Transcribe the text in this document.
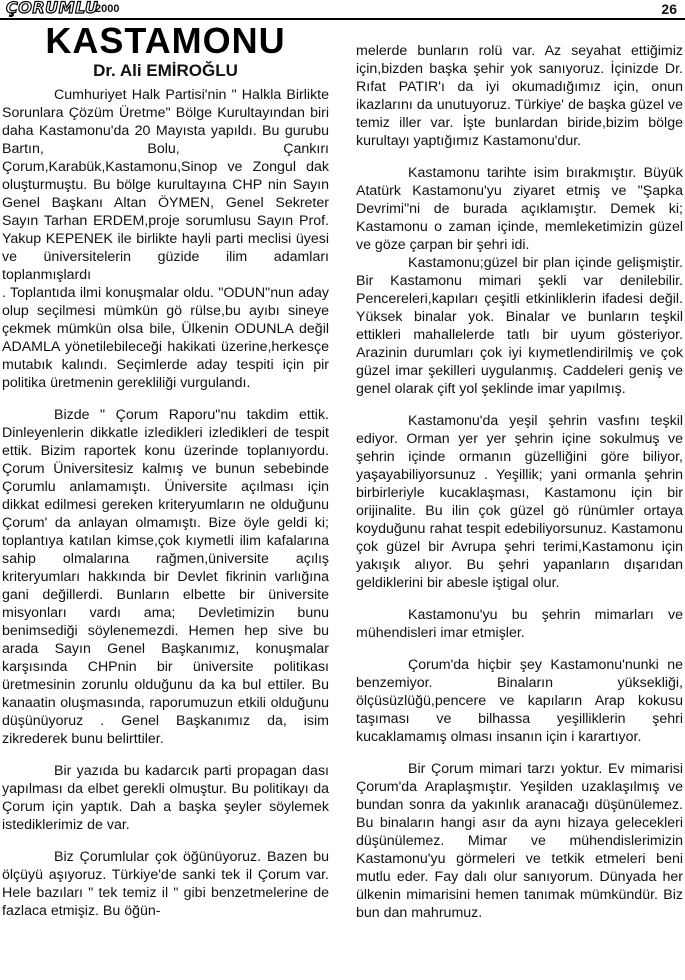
ÇORUMLU
2000	26
KASTAMONU
Dr. Ali EMİROĞLU

Cumhuriyet Halk Partisi'nin " Halkla Birlikte Sorunlara Çözüm Üretme" Bölge Kurultayından biri daha Kastamonu'da 20 Mayısta yapıldı. Bu gurubu Bartın, Bolu, Çankırı Çorum,Karabük,Kastamonu,Sinop ve Zongul dak oluşturmuştu. Bu bölge kurultayına CHP nin Sayın Genel Başkanı Altan ÖYMEN, Genel Sekreter Sayın Tarhan ERDEM,proje sorumlusu Sayın Prof. Yakup KEPENEK ile birlikte hayli parti meclisi üyesi ve üniversitelerin güzide ilim adamları toplanmışlardı

. Toplantıda ilmi konuşmalar oldu. "ODUN"nun aday olup seçilmesi mümkün gö rülse,bu ayıbı sineye çekmek mümkün olsa bile, Ülkenin ODUNLA değil ADAMLA yönetilebileceği hakikati üzerine,herkesçe mutabık kalındı. Seçimlerde aday tespiti için pir politika üretmenin gerekliliği vurgulandı.

Bizde " Çorum Raporu"nu takdim ettik. Dinleyenlerin dikkatle izledikleri izledikleri de tespit ettik. Bizim raportek konu üzerinde toplanıyordu. Çorum Üniversitesiz kalmış ve bunun sebebinde Çorumlu anlamamıştı. Üniversite açılması için dikkat edilmesi gereken kriteryumların ne olduğunu Çorum' da anlayan olmamıştı. Bize öyle geldi ki; toplantıya katılan kimse,çok kıymetli ilim kafalarına sahip olmalarına rağmen,üniversite açılış kriteryumları hakkında bir Devlet fikrinin varlığına gani değillerdi. Bunların elbette bir üniversite misyonları vardı ama; Devletimizin bunu benimsediği söylenemezdi. Hemen hep sive bu arada Sayın Genel Başkanımız, konuşmalar karşısında CHPnin bir üniversite politikası üretmesinin zorunlu olduğunu da ka bul ettiler. Bu kanaatin oluşmasında, raporumuzun etkili olduğunu düşünüyoruz . Genel Başkanımız da, isim zikrederek bunu belirttiler.

Bir yazıda bu kadarcık parti propagan dası yapılması da elbet gerekli olmuştur. Bu politikayı da Çorum için yaptık. Dah a başka şeyler söylemek istediklerimiz de var.

Biz Çorumlular çok öğünüyoruz. Bazen bu ölçüyü aşıyoruz. Türkiye'de sanki tek il Çorum var. Hele bazıları " tek temiz il " gibi benzetmelerine de fazlaca etmişiz. Bu öğün-

melerde bunların rolü var. Az seyahat ettiğimiz için,bizden başka şehir yok sanıyoruz. İçinizde Dr. Rıfat PATIR'ı da iyi okumadığımız için, onun ikazlarını da unutuyoruz. Türkiye' de başka güzel ve temiz iller var. İşte bunlardan biride,bizim bölge kurultayı yaptığımız Kastamonu'dur.

Kastamonu tarihte isim bırakmıştır. Büyük Atatürk Kastamonu'yu ziyaret etmiş ve "Şapka Devrimi"ni de burada açıklamıştır. Demek ki; Kastamonu o zaman içinde, memleketimizin güzel ve göze çarpan bir şehri idi.

Kastamonu;güzel bir plan içinde gelişmiştir. Bir Kastamonu mimari şekli var denilebilir. Pencereleri,kapıları çeşitli etkinliklerin ifadesi değil. Yüksek binalar yok. Binalar ve bunların teşkil ettikleri mahallelerde tatlı bir uyum gösteriyor. Arazinin durumları çok iyi kıymetlendirilmiş ve çok güzel imar şekilleri uygulanmış. Caddeleri geniş ve genel olarak çift yol şeklinde imar yapılmış.

Kastamonu'da yeşil şehrin vasfını teşkil ediyor. Orman yer yer şehrin içine sokulmuş ve şehrin içinde ormanın güzelliğini göre biliyor, yaşayabiliyorsunuz . Yeşillik; yani ormanla şehrin birbirleriyle kucaklaşması, Kastamonu için bir orijinalite. Bu ilin çok güzel gö rünümler ortaya koyduğunu rahat tespit edebiliyorsunuz. Kastamonu çok güzel bir Avrupa şehri terimi,Kastamonu için yakışık alıyor. Bu şehri yapanların dışarıdan geldiklerini bir abesle iştigal olur.

Kastamonu'yu bu şehrin mimarları ve mühendisleri imar etmişler.

Çorum'da hiçbir şey Kastamonu'nunki ne benzemiyor. Binaların yüksekliği, ölçüsüzlüğü,pencere ve kapıların Arap kokusu taşıması ve bilhassa yeşilliklerin şehri kucaklamamış olması insanın için i karartıyor.

Bir Çorum mimari tarzı yoktur. Ev mimarisi Çorum'da Araplaşmıştır. Yeşilden uzaklaşılmış ve bundan sonra da yakınlık aranacağı düşünülemez. Bu binaların hangi asır da aynı hizaya gelecekleri düşünülemez. Mimar ve mühendislerimizin Kastamonu'yu görmeleri ve tetkik etmeleri beni mutlu eder. Fay dalı olur sanıyorum. Dünyada her ülkenin mimarisini hemen tanımak mümkündür. Biz bun dan mahrumuz.
